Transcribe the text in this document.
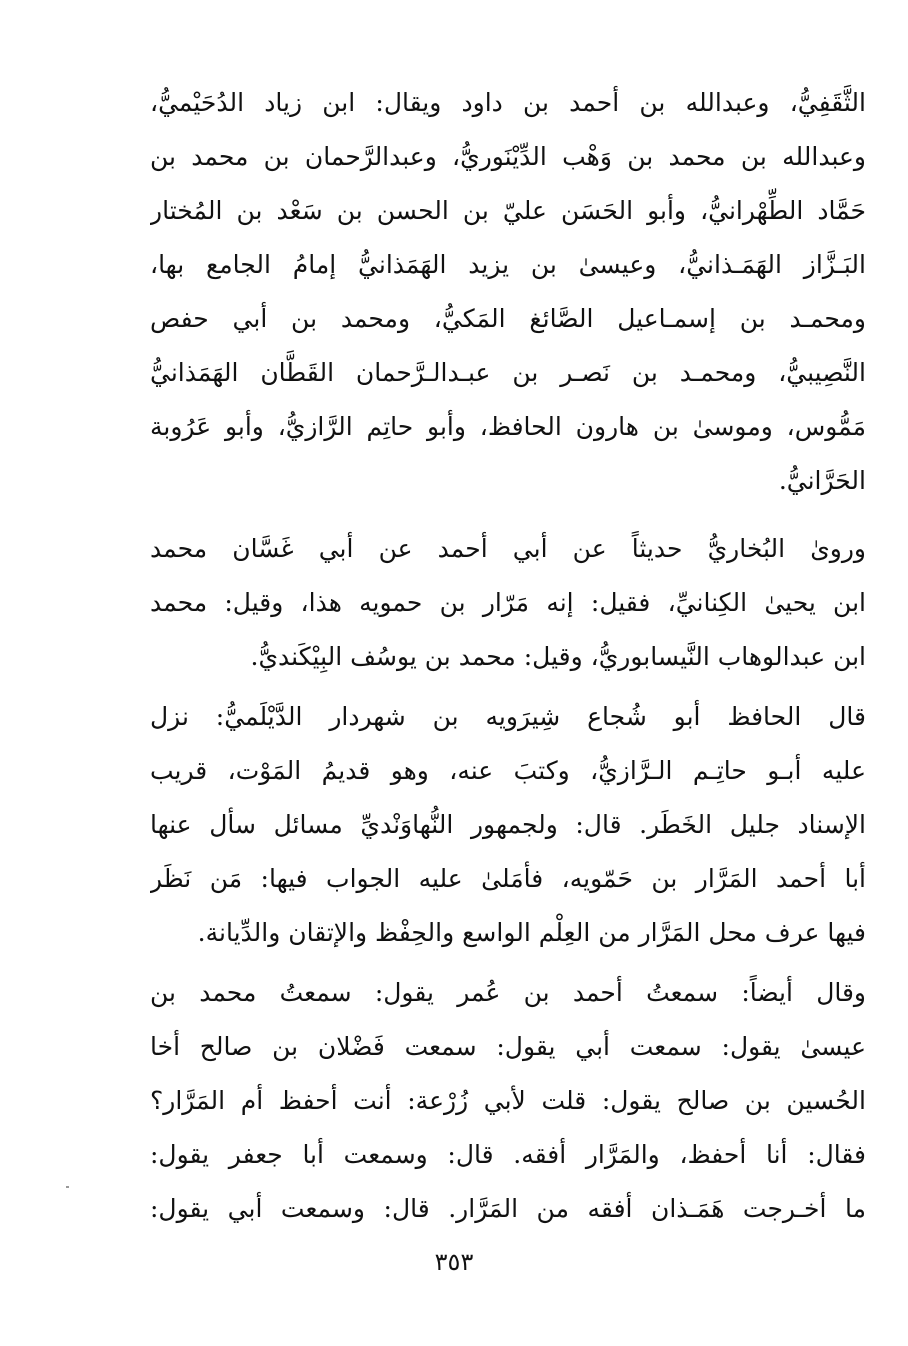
الثَّقَفِيُّ، وعبدالله بن أحمد بن داود ويقال: ابن زياد الدُحَيْميُّ،
وعبدالله بن محمد بن وَهْب الدِّيْنَوريُّ، وعبدالرَّحمان بن محمد بن
حَمَّاد الطِّهْرانيُّ، وأبو الحَسَن عليّ بن الحسن بن سَعْد بن المُختار
البَـزَّاز الهَمَـذانيُّ، وعيسىٰ بن يزيد الهَمَذانيُّ إمامُ الجامع بها،
ومحمـد بن إسمـاعيل الصَّائغ المَكيُّ، ومحمد بن أبي حفص
النَّصِيبيُّ، ومحمـد بن نَصـر بن عبـدالـرَّحمان القَطَّان الهَمَذانيُّ
مَمُّوس، وموسىٰ بن هارون الحافظ، وأبو حاتِم الرَّازيُّ، وأبو عَرُوبة
الحَرَّانيُّ.
وروىٰ البُخاريُّ حديثاً عن أبي أحمد عن أبي غَسَّان محمد
ابن يحيىٰ الكِنانيِّ، فقيل: إنه مَرّار بن حمويه هذا، وقيل: محمد
ابن عبدالوهاب النَّيسابوريُّ، وقيل: محمد بن يوسُف البِيْكَنديُّ.
قال الحافظ أبو شُجاع شِيرَويه بن شهردار الدَّيْلَميُّ: نزل
عليه أبـو حاتِـم الـرَّازيُّ، وكتبَ عنه، وهو قديمُ المَوْت، قريب
الإسناد جليل الخَطَر. قال: ولجمهور النُّهاوَنْديِّ مسائل سأل عنها
أبا أحمد المَرَّار بن حَمّويه، فأمَلىٰ عليه الجواب فيها: مَن نَظَر
فيها عرف محل المَرَّار من العِلْم الواسع والحِفْظ والإتقان والدِّيانة.
وقال أيضاً: سمعتُ أحمد بن عُمر يقول: سمعتُ محمد بن
عيسىٰ يقول: سمعت أبي يقول: سمعت فَضْلان بن صالح أخا
الحُسين بن صالح يقول: قلت لأبي زُرْعة: أنت أحفظ أم المَرَّار؟
فقال: أنا أحفظ، والمَرَّار أفقه. قال: وسمعت أبا جعفر يقول:
ما أخـرجت هَمَـذان أفقه من المَرَّار. قال: وسمعت أبي يقول:
٣٥٣
